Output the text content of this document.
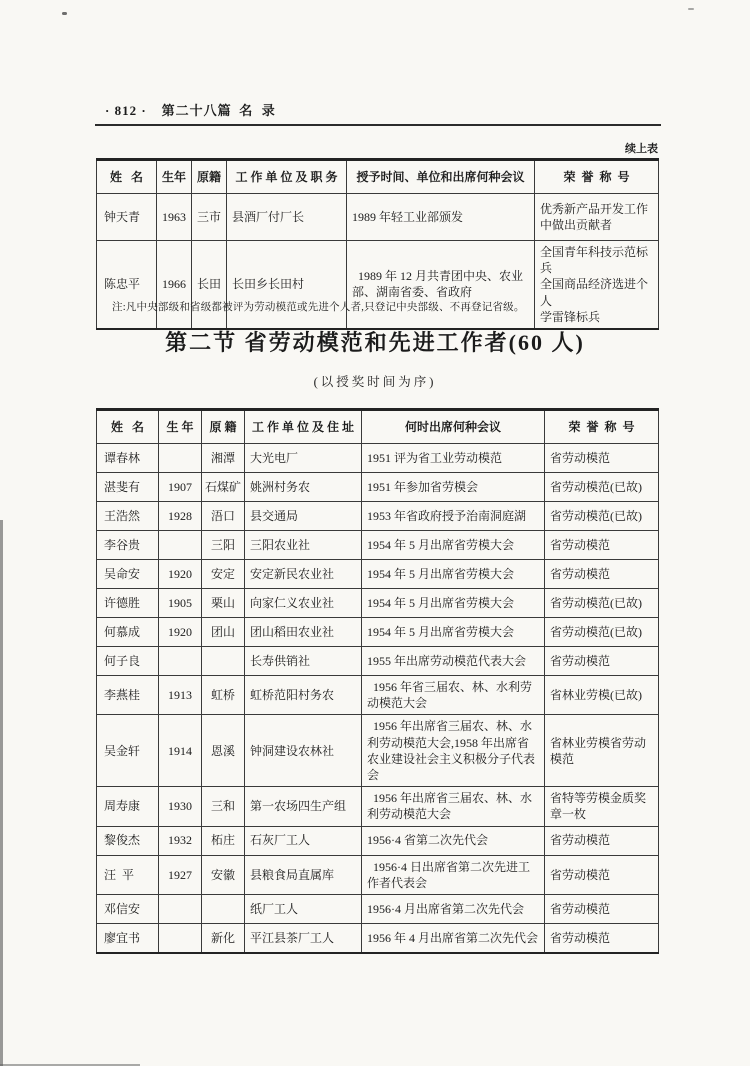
· 812 ·   第二十八篇  名  录
续上表
姓   名	生年	原籍	工 作 单 位 及 职 务	授予时间、单位和出席何种会议	荣  誉  称  号
钟天青	1963	三市	县酒厂付厂长	1989 年轻工业部颁发	优秀新产品开发工作中做出贡献者

陈忠平	1966	长田	长田乡长田村	1989 年 12 月共青团中央、农业部、湖南省委、省政府	全国青年科技示范标兵
全国商品经济选进个人
学雷锋标兵
注:凡中央部级和省级都被评为劳动模范或先进个人者,只登记中央部级、不再登记省级。
第二节 省劳动模范和先进工作者(60 人)
(以授奖时间为序)
姓   名	生 年	原 籍	工 作 单 位 及 住 址	何时出席何种会议	荣  誉  称  号
谭春林		湘潭	大光电厂	1951 评为省工业劳动模范	省劳动模范

湛斐有	1907	石煤矿	姚洲村务农	1951 年参加省劳模会	省劳动模范(已故)

王浩然	1928	浯口	县交通局	1953 年省政府授予治南洞庭湖	省劳动模范(已故)

李谷贵		三阳	三阳农业社	1954 年 5 月出席省劳模大会	省劳动模范

吴命安	1920	安定	安定新民农业社	1954 年 5 月出席省劳模大会	省劳动模范

许德胜	1905	栗山	向家仁义农业社	1954 年 5 月出席省劳模大会	省劳动模范(已故)

何慕成	1920	团山	团山稻田农业社	1954 年 5 月出席省劳模大会	省劳动模范(已故)

何子良			长寿供销社	1955 年出席劳动模范代表大会	省劳动模范

李燕桂	1913	虹桥	虹桥范阳村务农	1956 年省三届农、林、水利劳动模范大会	省林业劳模(已故)

吴金轩	1914	恩溪	钟洞建设农林社	1956 年出席省三届农、林、水利劳动模范大会,1958 年出席省农业建设社会主义积极分子代表会	省林业劳模省劳动模范

周寿康	1930	三和	第一农场四生产组	1956 年出席省三届农、林、水利劳动模范大会	省特等劳模金质奖章一枚

黎俊杰	1932	柘庄	石灰厂工人	1956·4 省第二次先代会	省劳动模范

汪  平	1927	安徽	县粮食局直属库	1956·4 日出席省第二次先进工作者代表会	省劳动模范

邓信安			纸厂工人	1956·4 月出席省第二次先代会	省劳动模范

廖宜书		新化	平江县茶厂工人	1956 年 4 月出席省第二次先代会	省劳动模范
